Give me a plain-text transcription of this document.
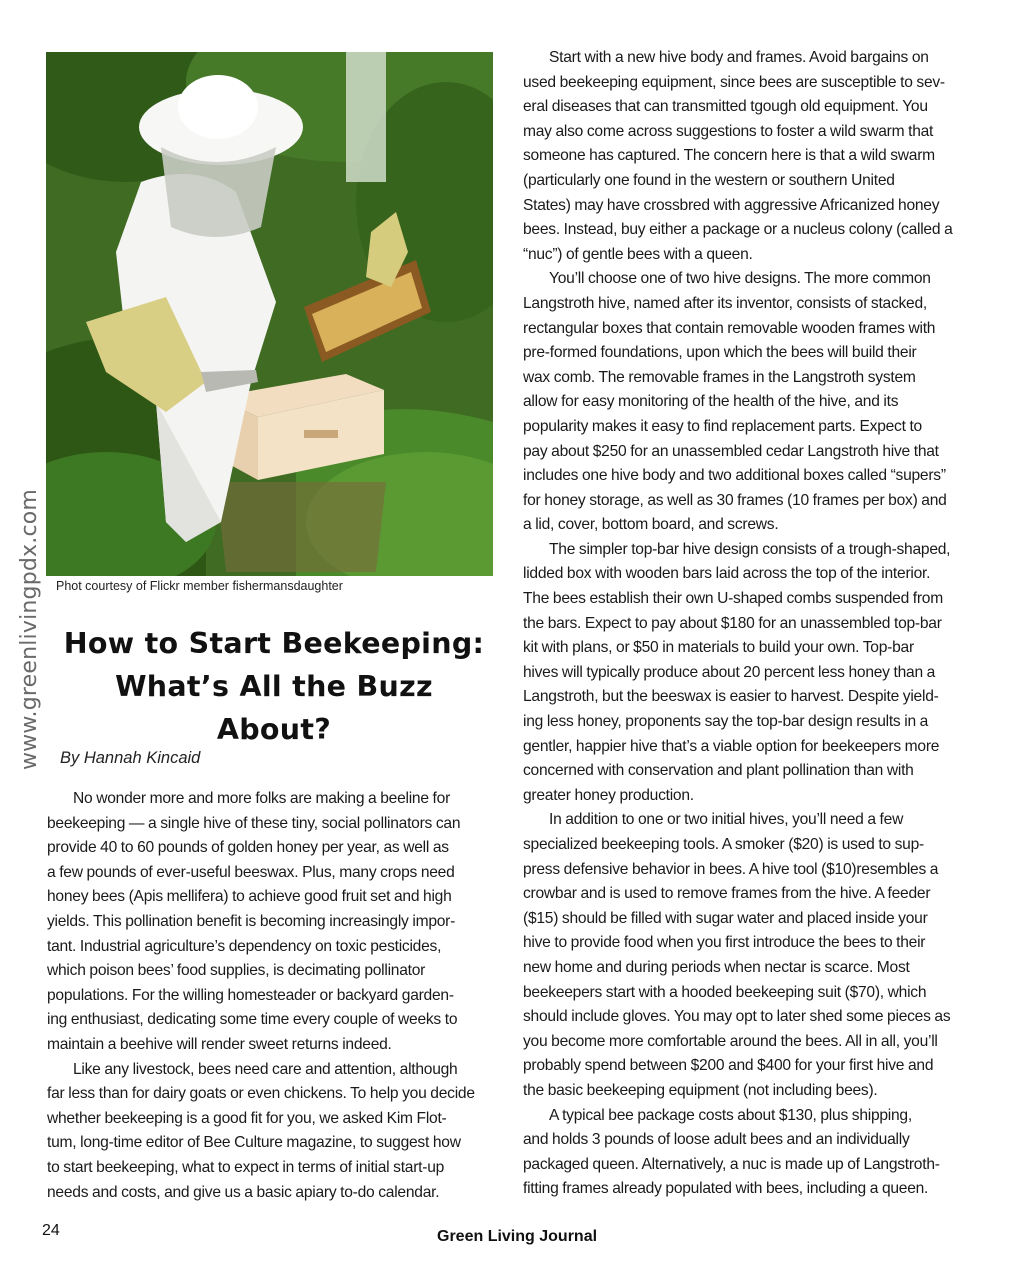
www.greenlivingpdx.com Phot courtesy of Flickr member fishermansdaughter
How to Start Beekeeping:
What’s All the Buzz
About?
By Hannah Kincaid
No wonder more and more folks are making a beeline for
beekeeping — a single hive of these tiny, social pollinators can
provide 40 to 60 pounds of golden honey per year, as well as
a few pounds of ever-useful beeswax. Plus, many crops need
honey bees (Apis mellifera) to achieve good fruit set and high
yields. This pollination benefit is becoming increasingly impor-
tant. Industrial agriculture’s dependency on toxic pesticides,
which poison bees’ food supplies, is decimating pollinator
populations. For the willing homesteader or backyard garden-
ing enthusiast, dedicating some time every couple of weeks to
maintain a beehive will render sweet returns indeed.
Like any livestock, bees need care and attention, although
far less than for dairy goats or even chickens. To help you decide
whether beekeeping is a good fit for you, we asked Kim Flot-
tum, long-time editor of Bee Culture magazine, to suggest how
to start beekeeping, what to expect in terms of initial start-up
needs and costs, and give us a basic apiary to-do calendar.
Start with a new hive body and frames. Avoid bargains on
used beekeeping equipment, since bees are susceptible to sev-
eral diseases that can transmitted tgough old equipment. You
may also come across suggestions to foster a wild swarm that
someone has captured. The concern here is that a wild swarm
(particularly one found in the western or southern United
States) may have crossbred with aggressive Africanized honey
bees. Instead, buy either a package or a nucleus colony (called a
“nuc”) of gentle bees with a queen.
You’ll choose one of two hive designs. The more common
Langstroth hive, named after its inventor, consists of stacked,
rectangular boxes that contain removable wooden frames with
pre-formed foundations, upon which the bees will build their
wax comb. The removable frames in the Langstroth system
allow for easy monitoring of the health of the hive, and its
popularity makes it easy to find replacement parts. Expect to
pay about $250 for an unassembled cedar Langstroth hive that
includes one hive body and two additional boxes called “supers”
for honey storage, as well as 30 frames (10 frames per box) and
a lid, cover, bottom board, and screws.
The simpler top-bar hive design consists of a trough-shaped,
lidded box with wooden bars laid across the top of the interior.
The bees establish their own U-shaped combs suspended from
the bars. Expect to pay about $180 for an unassembled top-bar
kit with plans, or $50 in materials to build your own. Top-bar
hives will typically produce about 20 percent less honey than a
Langstroth, but the beeswax is easier to harvest. Despite yield-
ing less honey, proponents say the top-bar design results in a
gentler, happier hive that’s a viable option for beekeepers more
concerned with conservation and plant pollination than with
greater honey production.
In addition to one or two initial hives, you’ll need a few
specialized beekeeping tools. A smoker ($20) is used to sup-
press defensive behavior in bees. A hive tool ($10)resembles a
crowbar and is used to remove frames from the hive. A feeder
($15) should be filled with sugar water and placed inside your
hive to provide food when you first introduce the bees to their
new home and during periods when nectar is scarce. Most
beekeepers start with a hooded beekeeping suit ($70), which
should include gloves. You may opt to later shed some pieces as
you become more comfortable around the bees. All in all, you’ll
probably spend between $200 and $400 for your first hive and
the basic beekeeping equipment (not including bees).
A typical bee package costs about $130, plus shipping,
and holds 3 pounds of loose adult bees and an individually
packaged queen. Alternatively, a nuc is made up of Langstroth-
fitting frames already populated with bees, including a queen.
24	Green Living Journal
